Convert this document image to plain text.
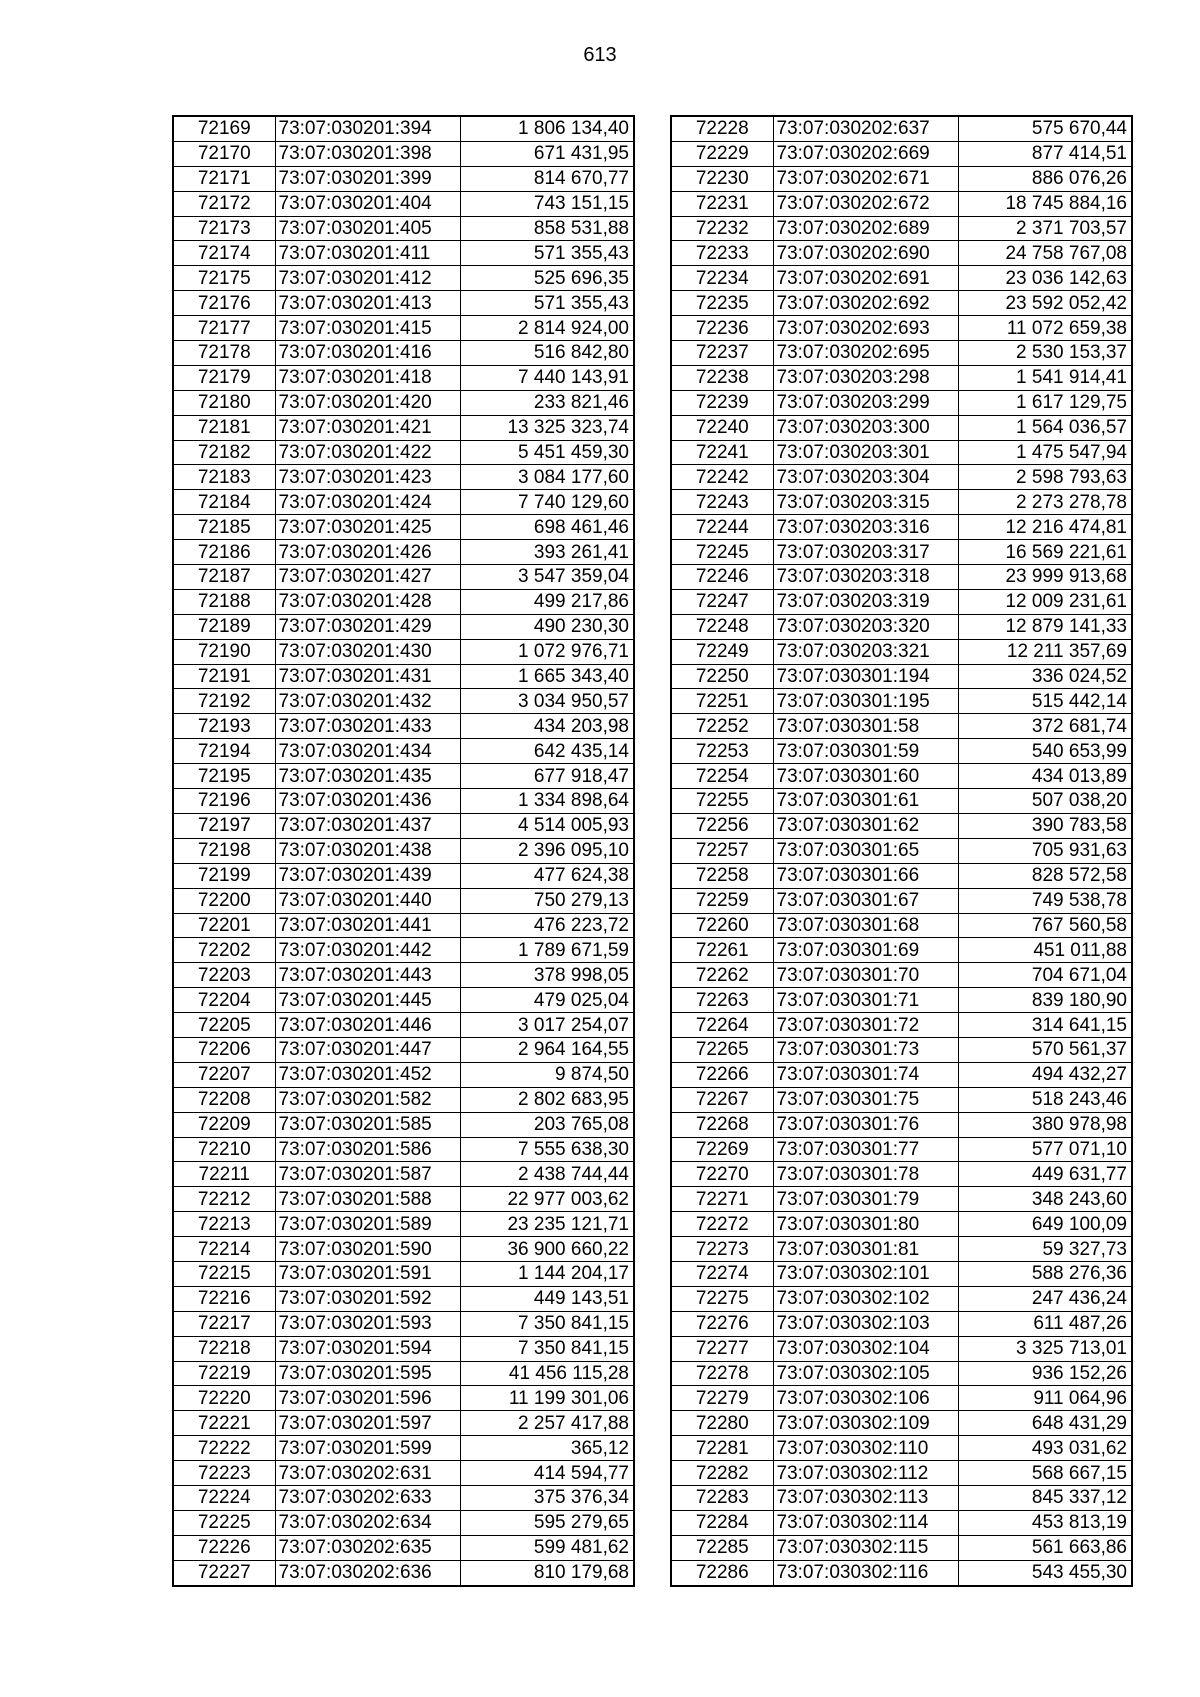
613
72169	73:07:030201:394	1 806 134,40
72170	73:07:030201:398	671 431,95
72171	73:07:030201:399	814 670,77
72172	73:07:030201:404	743 151,15
72173	73:07:030201:405	858 531,88
72174	73:07:030201:411	571 355,43
72175	73:07:030201:412	525 696,35
72176	73:07:030201:413	571 355,43
72177	73:07:030201:415	2 814 924,00
72178	73:07:030201:416	516 842,80
72179	73:07:030201:418	7 440 143,91
72180	73:07:030201:420	233 821,46
72181	73:07:030201:421	13 325 323,74
72182	73:07:030201:422	5 451 459,30
72183	73:07:030201:423	3 084 177,60
72184	73:07:030201:424	7 740 129,60
72185	73:07:030201:425	698 461,46
72186	73:07:030201:426	393 261,41
72187	73:07:030201:427	3 547 359,04
72188	73:07:030201:428	499 217,86
72189	73:07:030201:429	490 230,30
72190	73:07:030201:430	1 072 976,71
72191	73:07:030201:431	1 665 343,40
72192	73:07:030201:432	3 034 950,57
72193	73:07:030201:433	434 203,98
72194	73:07:030201:434	642 435,14
72195	73:07:030201:435	677 918,47
72196	73:07:030201:436	1 334 898,64
72197	73:07:030201:437	4 514 005,93
72198	73:07:030201:438	2 396 095,10
72199	73:07:030201:439	477 624,38
72200	73:07:030201:440	750 279,13
72201	73:07:030201:441	476 223,72
72202	73:07:030201:442	1 789 671,59
72203	73:07:030201:443	378 998,05
72204	73:07:030201:445	479 025,04
72205	73:07:030201:446	3 017 254,07
72206	73:07:030201:447	2 964 164,55
72207	73:07:030201:452	9 874,50
72208	73:07:030201:582	2 802 683,95
72209	73:07:030201:585	203 765,08
72210	73:07:030201:586	7 555 638,30
72211	73:07:030201:587	2 438 744,44
72212	73:07:030201:588	22 977 003,62
72213	73:07:030201:589	23 235 121,71
72214	73:07:030201:590	36 900 660,22
72215	73:07:030201:591	1 144 204,17
72216	73:07:030201:592	449 143,51
72217	73:07:030201:593	7 350 841,15
72218	73:07:030201:594	7 350 841,15
72219	73:07:030201:595	41 456 115,28
72220	73:07:030201:596	11 199 301,06
72221	73:07:030201:597	2 257 417,88
72222	73:07:030201:599	365,12
72223	73:07:030202:631	414 594,77
72224	73:07:030202:633	375 376,34
72225	73:07:030202:634	595 279,65
72226	73:07:030202:635	599 481,62
72227	73:07:030202:636	810 179,68
72228	73:07:030202:637	575 670,44
72229	73:07:030202:669	877 414,51
72230	73:07:030202:671	886 076,26
72231	73:07:030202:672	18 745 884,16
72232	73:07:030202:689	2 371 703,57
72233	73:07:030202:690	24 758 767,08
72234	73:07:030202:691	23 036 142,63
72235	73:07:030202:692	23 592 052,42
72236	73:07:030202:693	11 072 659,38
72237	73:07:030202:695	2 530 153,37
72238	73:07:030203:298	1 541 914,41
72239	73:07:030203:299	1 617 129,75
72240	73:07:030203:300	1 564 036,57
72241	73:07:030203:301	1 475 547,94
72242	73:07:030203:304	2 598 793,63
72243	73:07:030203:315	2 273 278,78
72244	73:07:030203:316	12 216 474,81
72245	73:07:030203:317	16 569 221,61
72246	73:07:030203:318	23 999 913,68
72247	73:07:030203:319	12 009 231,61
72248	73:07:030203:320	12 879 141,33
72249	73:07:030203:321	12 211 357,69
72250	73:07:030301:194	336 024,52
72251	73:07:030301:195	515 442,14
72252	73:07:030301:58	372 681,74
72253	73:07:030301:59	540 653,99
72254	73:07:030301:60	434 013,89
72255	73:07:030301:61	507 038,20
72256	73:07:030301:62	390 783,58
72257	73:07:030301:65	705 931,63
72258	73:07:030301:66	828 572,58
72259	73:07:030301:67	749 538,78
72260	73:07:030301:68	767 560,58
72261	73:07:030301:69	451 011,88
72262	73:07:030301:70	704 671,04
72263	73:07:030301:71	839 180,90
72264	73:07:030301:72	314 641,15
72265	73:07:030301:73	570 561,37
72266	73:07:030301:74	494 432,27
72267	73:07:030301:75	518 243,46
72268	73:07:030301:76	380 978,98
72269	73:07:030301:77	577 071,10
72270	73:07:030301:78	449 631,77
72271	73:07:030301:79	348 243,60
72272	73:07:030301:80	649 100,09
72273	73:07:030301:81	59 327,73
72274	73:07:030302:101	588 276,36
72275	73:07:030302:102	247 436,24
72276	73:07:030302:103	611 487,26
72277	73:07:030302:104	3 325 713,01
72278	73:07:030302:105	936 152,26
72279	73:07:030302:106	911 064,96
72280	73:07:030302:109	648 431,29
72281	73:07:030302:110	493 031,62
72282	73:07:030302:112	568 667,15
72283	73:07:030302:113	845 337,12
72284	73:07:030302:114	453 813,19
72285	73:07:030302:115	561 663,86
72286	73:07:030302:116	543 455,30
